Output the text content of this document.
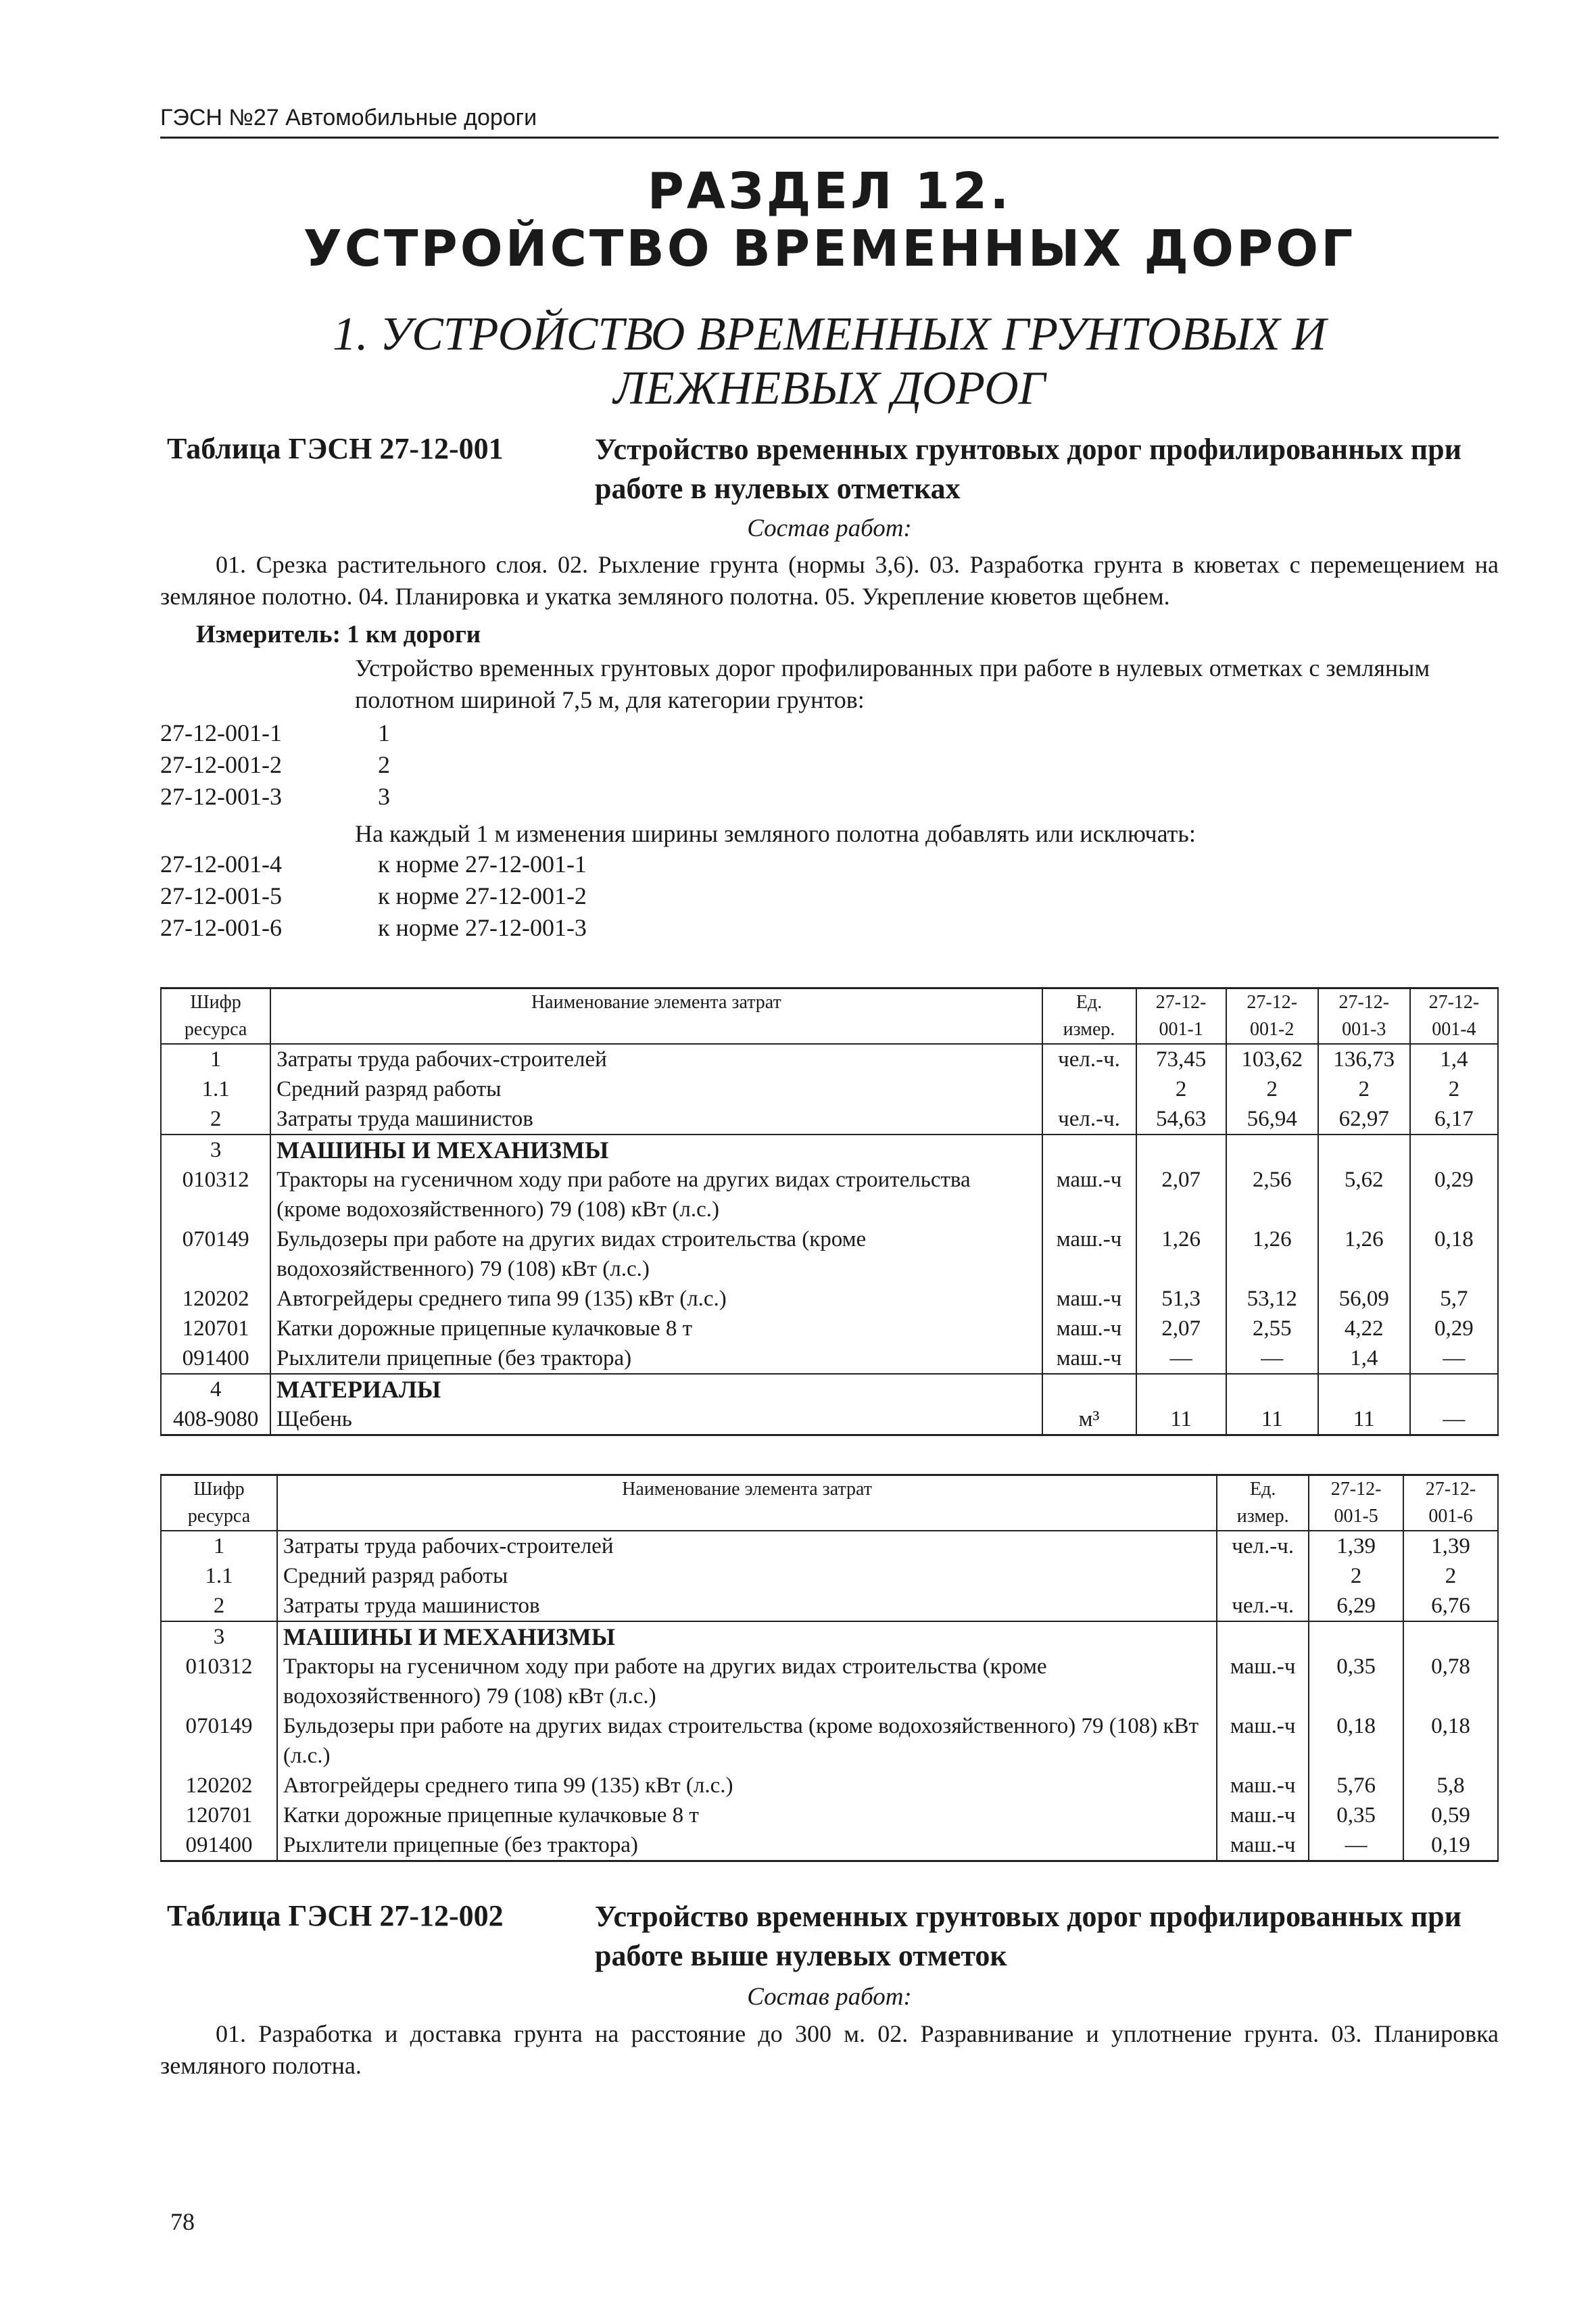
ГЭСН №27 Автомобильные дороги
РАЗДЕЛ 12.
УСТРОЙСТВО ВРЕМЕННЫХ ДОРОГ
1. УСТРОЙСТВО ВРЕМЕННЫХ ГРУНТОВЫХ И
ЛЕЖНЕВЫХ ДОРОГ
Таблица ГЭСН 27-12-001	Устройство временных грунтовых дорог профилированных при работе в нулевых отметках
Состав работ:
01. Срезка растительного слоя. 02. Рыхление грунта (нормы 3,6). 03. Разработка грунта в кюветах с перемещением на земляное полотно. 04. Планировка и укатка земляного полотна. 05. Укрепление кюветов щебнем.
Измеритель: 1 км дороги
Устройство временных грунтовых дорог профилированных при работе в нулевых отметках с земляным полотном шириной 7,5 м, для категории грунтов:
27-12-001-1	1
27-12-001-2	2
27-12-001-3	3
На каждый 1 м изменения ширины земляного полотна добавлять или исключать:
27-12-001-4	к норме 27-12-001-1
27-12-001-5	к норме 27-12-001-2
27-12-001-6	к норме 27-12-001-3
Шифр ресурса	Наименование элемента затрат	Ед. измер.	27-12-001-1	27-12-001-2	27-12-001-3	27-12-001-4
1	Затраты труда рабочих-строителей	чел.-ч.	73,45	103,62	136,73	1,4
1.1	Средний разряд работы		2	2	2	2
2	Затраты труда машинистов	чел.-ч.	54,63	56,94	62,97	6,17
3	МАШИНЫ И МЕХАНИЗМЫ					
010312	Тракторы на гусеничном ходу при работе на других видах строительства (кроме водохозяйственного) 79 (108) кВт (л.с.)	маш.-ч	2,07	2,56	5,62	0,29
070149	Бульдозеры при работе на других видах строительства (кроме водохозяйственного) 79 (108) кВт (л.с.)	маш.-ч	1,26	1,26	1,26	0,18
120202	Автогрейдеры среднего типа 99 (135) кВт (л.с.)	маш.-ч	51,3	53,12	56,09	5,7
120701	Катки дорожные прицепные кулачковые 8 т	маш.-ч	2,07	2,55	4,22	0,29
091400	Рыхлители прицепные (без трактора)	маш.-ч	—	—	1,4	—
4	МАТЕРИАЛЫ					
408-9080	Щебень	м³	11	11	11	—
Шифр ресурса	Наименование элемента затрат	Ед. измер.	27-12-001-5	27-12-001-6
1	Затраты труда рабочих-строителей	чел.-ч.	1,39	1,39
1.1	Средний разряд работы		2	2
2	Затраты труда машинистов	чел.-ч.	6,29	6,76
3	МАШИНЫ И МЕХАНИЗМЫ			
010312	Тракторы на гусеничном ходу при работе на других видах строительства (кроме водохозяйственного) 79 (108) кВт (л.с.)	маш.-ч	0,35	0,78
070149	Бульдозеры при работе на других видах строительства (кроме водохозяйственного) 79 (108) кВт (л.с.)	маш.-ч	0,18	0,18
120202	Автогрейдеры среднего типа 99 (135) кВт (л.с.)	маш.-ч	5,76	5,8
120701	Катки дорожные прицепные кулачковые 8 т	маш.-ч	0,35	0,59
091400	Рыхлители прицепные (без трактора)	маш.-ч	—	0,19
Таблица ГЭСН 27-12-002	Устройство временных грунтовых дорог профилированных при работе выше нулевых отметок
Состав работ:
01. Разработка и доставка грунта на расстояние до 300 м. 02. Разравнивание и уплотнение грунта. 03. Планировка земляного полотна.
78
